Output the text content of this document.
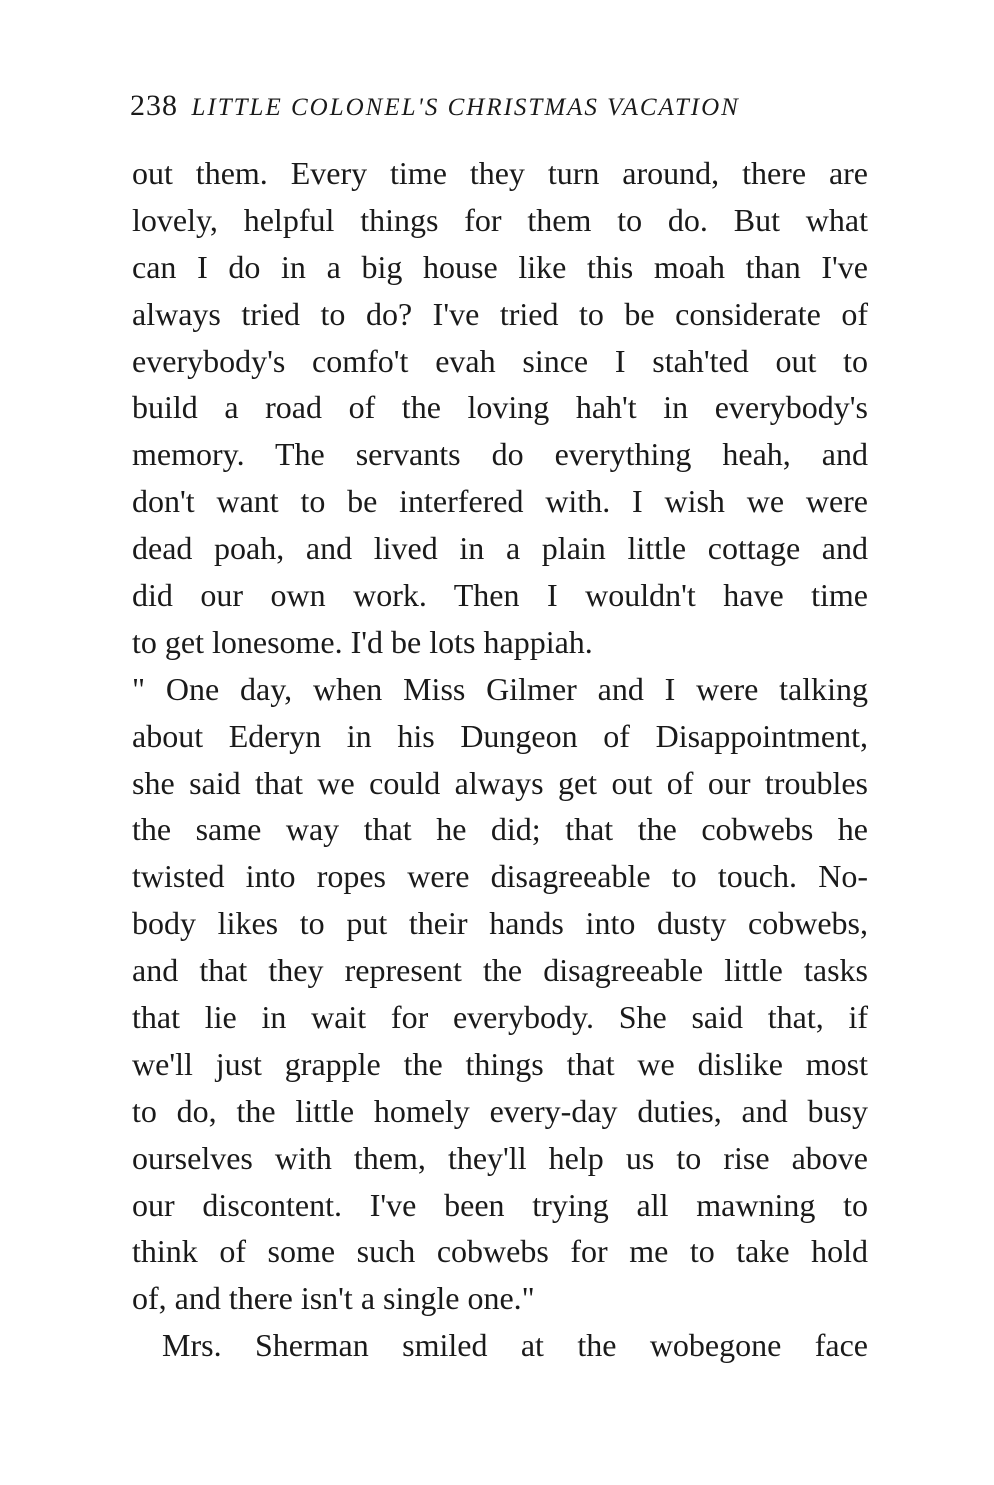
238 LITTLE COLONEL'S CHRISTMAS VACATION
out them. Every time they turn around, there are
lovely, helpful things for them to do. But what
can I do in a big house like this moah than I've
always tried to do? I've tried to be considerate of
everybody's comfo't evah since I stah'ted out to
build a road of the loving hah't in everybody's
memory. The servants do everything heah, and
don't want to be interfered with. I wish we were
dead poah, and lived in a plain little cottage and
did our own work. Then I wouldn't have time
to get lonesome. I'd be lots happiah.
" One day, when Miss Gilmer and I were talking
about Ederyn in his Dungeon of Disappointment,
she said that we could always get out of our troubles
the same way that he did; that the cobwebs he
twisted into ropes were disagreeable to touch. No-
body likes to put their hands into dusty cobwebs,
and that they represent the disagreeable little tasks
that lie in wait for everybody. She said that, if
we'll just grapple the things that we dislike most
to do, the little homely every-day duties, and busy
ourselves with them, they'll help us to rise above
our discontent. I've been trying all mawning to
think of some such cobwebs for me to take hold
of, and there isn't a single one."
Mrs. Sherman smiled at the wobegone face
